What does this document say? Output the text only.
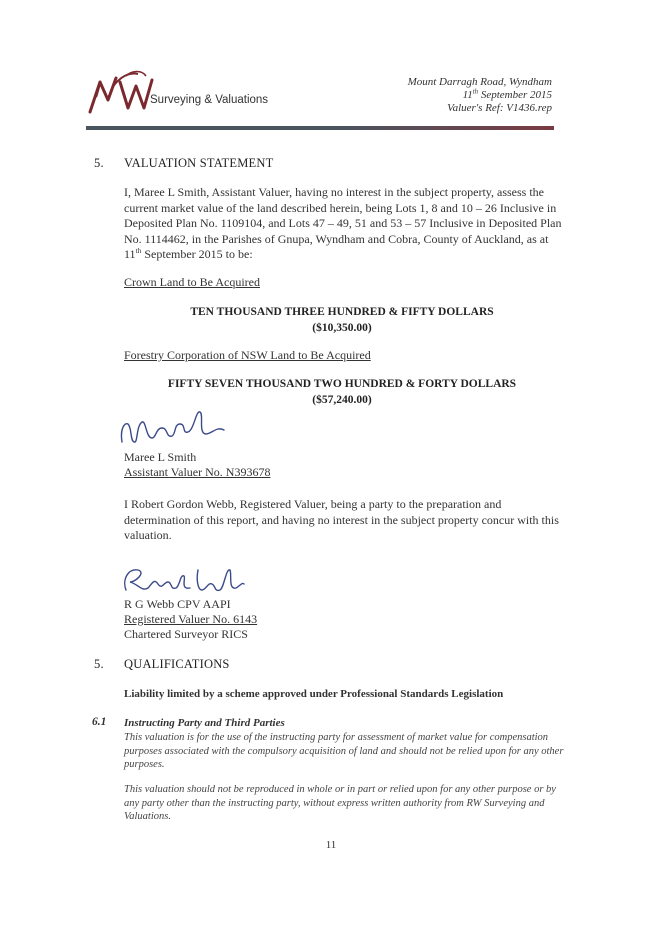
Surveying & Valuations
Mount Darragh Road, Wyndham
11th September 2015
Valuer's Ref: V1436.rep
5. VALUATION STATEMENT
I, Maree L Smith, Assistant Valuer, having no interest in the subject property, assess the current market value of the land described herein, being Lots 1, 8 and 10 – 26 Inclusive in Deposited Plan No. 1109104, and Lots 47 – 49, 51 and 53 – 57 Inclusive in Deposited Plan No. 1114462, in the Parishes of Gnupa, Wyndham and Cobra, County of Auckland, as at 11th September 2015 to be:
Crown Land to Be Acquired
TEN THOUSAND THREE HUNDRED & FIFTY DOLLARS
($10,350.00)
Forestry Corporation of NSW Land to Be Acquired
FIFTY SEVEN THOUSAND TWO HUNDRED & FORTY DOLLARS
($57,240.00)
Maree L Smith
Assistant Valuer No. N393678
I Robert Gordon Webb, Registered Valuer, being a party to the preparation and determination of this report, and having no interest in the subject property concur with this valuation.
R G Webb CPV AAPI
Registered Valuer No. 6143
Chartered Surveyor RICS
5. QUALIFICATIONS
Liability limited by a scheme approved under Professional Standards Legislation
6.1 Instructing Party and Third Parties
This valuation is for the use of the instructing party for assessment of market value for compensation purposes associated with the compulsory acquisition of land and should not be relied upon for any other purposes.
This valuation should not be reproduced in whole or in part or relied upon for any other purpose or by any party other than the instructing party, without express written authority from RW Surveying and Valuations.
11
